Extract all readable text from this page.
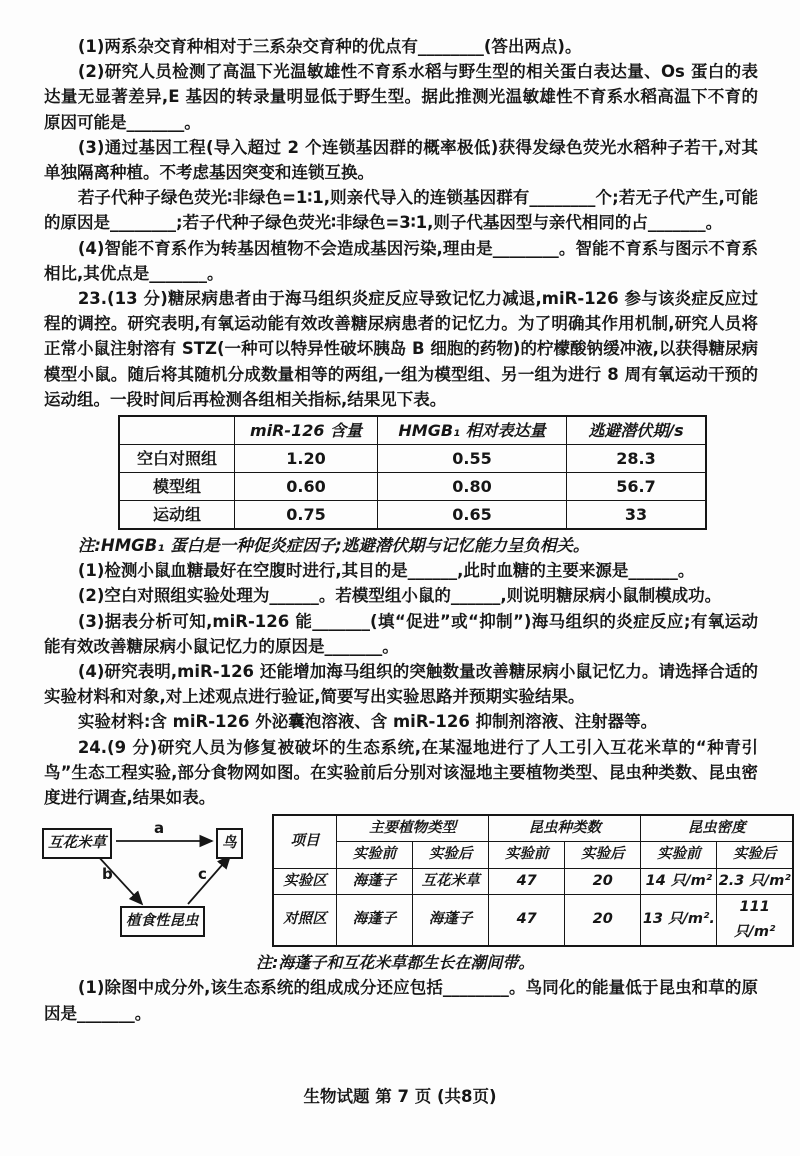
(1)两系杂交育种相对于三系杂交育种的优点有________(答出两点)。

(2)研究人员检测了高温下光温敏雄性不育系水稻与野生型的相关蛋白表达量、Os 蛋白的表达量无显著差异,E 基因的转录量明显低于野生型。据此推测光温敏雄性不育系水稻高温下不育的原因可能是_______。

(3)通过基因工程(导入超过 2 个连锁基因群的概率极低)获得发绿色荧光水稻种子若干,对其单独隔离种植。不考虑基因突变和连锁互换。

若子代种子绿色荧光∶非绿色=1∶1,则亲代导入的连锁基因群有________个;若无子代产生,可能的原因是________;若子代种子绿色荧光∶非绿色=3∶1,则子代基因型与亲代相同的占_______。

(4)智能不育系作为转基因植物不会造成基因污染,理由是________。智能不育系与图示不育系相比,其优点是_______。

23.(13 分)糖尿病患者由于海马组织炎症反应导致记忆力减退,miR-126 参与该炎症反应过程的调控。研究表明,有氧运动能有效改善糖尿病患者的记忆力。为了明确其作用机制,研究人员将正常小鼠注射溶有 STZ(一种可以特异性破坏胰岛 B 细胞的药物)的柠檬酸钠缓冲液,以获得糖尿病模型小鼠。随后将其随机分成数量相等的两组,一组为模型组、另一组为进行 8 周有氧运动干预的运动组。一段时间后再检测各组相关指标,结果见下表。

	miR-126 含量	HMGB₁ 相对表达量	逃避潜伏期/s
空白对照组	1.20	0.55	28.3
模型组	0.60	0.80	56.7
运动组	0.75	0.65	33

注:HMGB₁ 蛋白是一种促炎症因子;逃避潜伏期与记忆能力呈负相关。

(1)检测小鼠血糖最好在空腹时进行,其目的是______,此时血糖的主要来源是______。

(2)空白对照组实验处理为______。若模型组小鼠的______,则说明糖尿病小鼠制模成功。

(3)据表分析可知,miR-126 能_______(填“促进”或“抑制”)海马组织的炎症反应;有氧运动能有效改善糖尿病小鼠记忆力的原因是_______。

(4)研究表明,miR-126 还能增加海马组织的突触数量改善糖尿病小鼠记忆力。请选择合适的实验材料和对象,对上述观点进行验证,简要写出实验思路并预期实验结果。

实验材料:含 miR-126 外泌囊泡溶液、含 miR-126 抑制剂溶液、注射器等。

24.(9 分)研究人员为修复被破坏的生态系统,在某湿地进行了人工引入互花米草的“种青引鸟”生态工程实验,部分食物网如图。在实验前后分别对该湿地主要植物类型、昆虫种类数、昆虫密度进行调查,结果如表。

互花米草	鸟
植食性昆虫
a
b	c
项目	主要植物类型		昆虫种类数		昆虫密度	
	实验前	实验后	实验前	实验后	实验前	实验后
实验区	海蓬子	互花米草	47	20	14 只/m²	2.3 只/m²
对照区	海蓬子	海蓬子	47	20	13 只/m².	111 只/m²

注:海蓬子和互花米草都生长在潮间带。

(1)除图中成分外,该生态系统的组成成分还应包括________。鸟同化的能量低于昆虫和草的原因是_______。

生物试题 第 7 页 (共8页)
